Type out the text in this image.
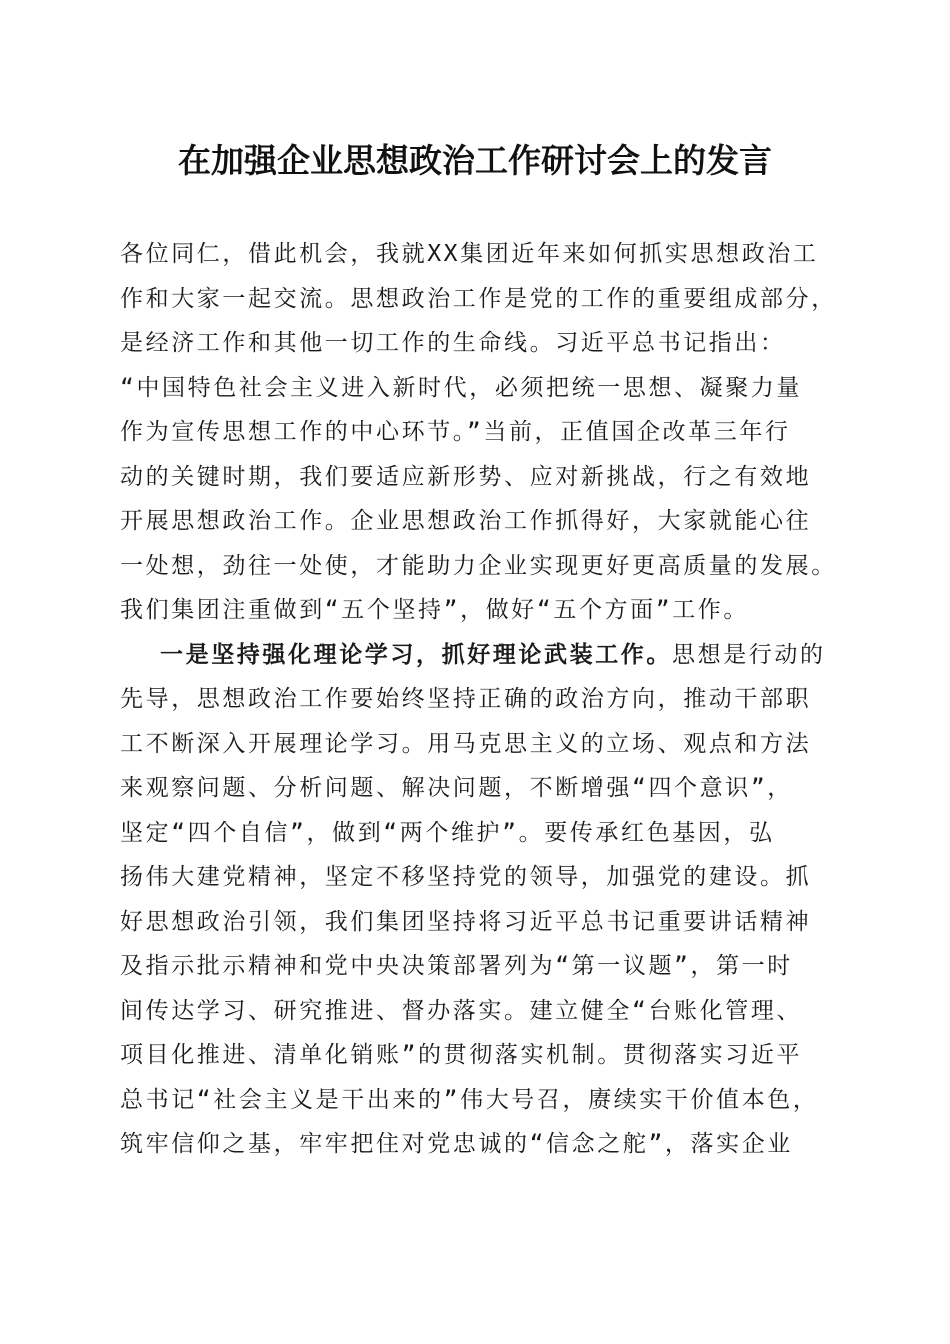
在加强企业思想政治工作研讨会上的发言
各位同仁，借此机会，我就XX集团近年来如何抓实思想政治工
作和大家一起交流。思想政治工作是党的工作的重要组成部分，
是经济工作和其他一切工作的生命线。习近平总书记指出：
“中国特色社会主义进入新时代，必须把统一思想、凝聚力量
作为宣传思想工作的中心环节。”当前，正值国企改革三年行
动的关键时期，我们要适应新形势、应对新挑战，行之有效地
开展思想政治工作。企业思想政治工作抓得好，大家就能心往
一处想，劲往一处使，才能助力企业实现更好更高质量的发展。
我们集团注重做到“五个坚持”，做好“五个方面”工作。
一是坚持强化理论学习，抓好理论武装工作。思想是行动的
先导，思想政治工作要始终坚持正确的政治方向，推动干部职
工不断深入开展理论学习。用马克思主义的立场、观点和方法
来观察问题、分析问题、解决问题，不断增强“四个意识”，
坚定“四个自信”，做到“两个维护”。要传承红色基因，弘
扬伟大建党精神，坚定不移坚持党的领导，加强党的建设。抓
好思想政治引领，我们集团坚持将习近平总书记重要讲话精神
及指示批示精神和党中央决策部署列为“第一议题”，第一时
间传达学习、研究推进、督办落实。建立健全“台账化管理、
项目化推进、清单化销账”的贯彻落实机制。贯彻落实习近平
总书记“社会主义是干出来的”伟大号召，赓续实干价值本色，
筑牢信仰之基，牢牢把住对党忠诚的“信念之舵”，落实企业
